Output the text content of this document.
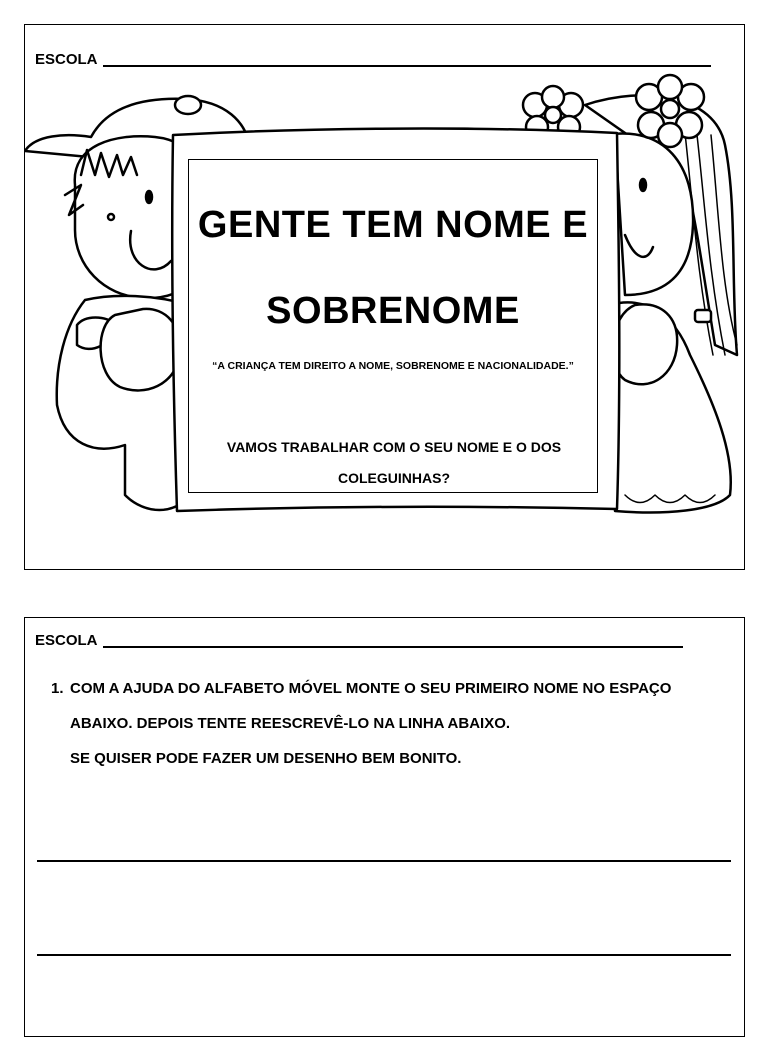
ESCOLA
GENTE TEM NOME E
SOBRENOME
“A CRIANÇA TEM DIREITO A NOME, SOBRENOME E NACIONALIDADE.”
VAMOS TRABALHAR COM O SEU NOME E O DOS COLEGUINHAS?
ESCOLA
1. COM A AJUDA DO ALFABETO MÓVEL MONTE O SEU PRIMEIRO NOME NO ESPAÇO
ABAIXO. DEPOIS TENTE REESCREVÊ-LO NA LINHA ABAIXO.
SE QUISER PODE FAZER UM DESENHO BEM BONITO.
